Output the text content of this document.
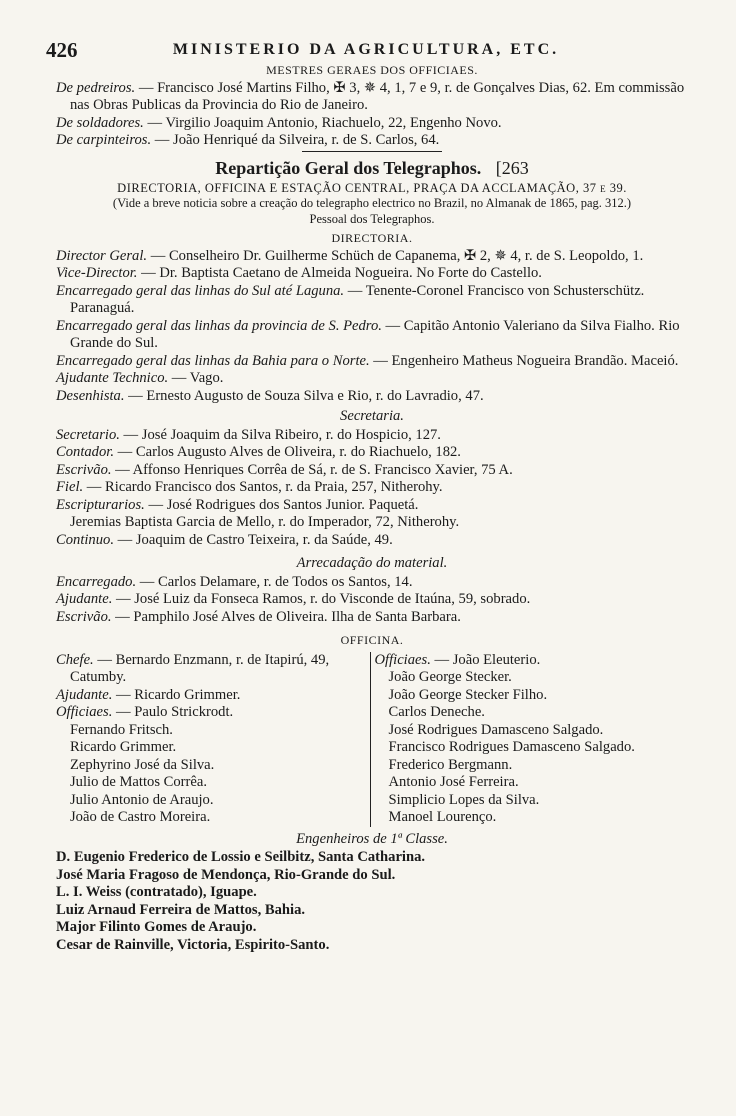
426	MINISTERIO DA AGRICULTURA, ETC.
MESTRES GERAES DOS OFFICIAES.
De pedreiros. — Francisco José Martins Filho, ✠ 3, ✵ 4, 1, 7 e 9, r. de Gonçalves Dias, 62. Em commissão nas Obras Publicas da Provincia do Rio de Janeiro.
De soldadores. — Virgilio Joaquim Antonio, Riachuelo, 22, Engenho Novo.
De carpinteiros. — João Henriqué da Silveira, r. de S. Carlos, 64.
Repartição Geral dos Telegraphos. [263
DIRECTORIA, OFFICINA E ESTAÇÃO CENTRAL, PRAÇA DA ACCLAMAÇÃO, 37 e 39.
(Vide a breve noticia sobre a creação do telegrapho electrico no Brazil, no Almanak de 1865, pag. 312.)
Pessoal dos Telegraphos.
DIRECTORIA.
Director Geral. — Conselheiro Dr. Guilherme Schüch de Capanema, ✠ 2, ✵ 4, r. de S. Leopoldo, 1.
Vice-Director. — Dr. Baptista Caetano de Almeida Nogueira. No Forte do Castello.
Encarregado geral das linhas do Sul até Laguna. — Tenente-Coronel Francisco von Schusterschütz. Paranaguá.
Encarregado geral das linhas da provincia de S. Pedro. — Capitão Antonio Valeriano da Silva Fialho. Rio Grande do Sul.
Encarregado geral das linhas da Bahia para o Norte. — Engenheiro Matheus Nogueira Brandão. Maceió.
Ajudante Technico. — Vago.
Desenhista. — Ernesto Augusto de Souza Silva e Rio, r. do Lavradio, 47.
Secretaria.
Secretario. — José Joaquim da Silva Ribeiro, r. do Hospicio, 127.
Contador. — Carlos Augusto Alves de Oliveira, r. do Riachuelo, 182.
Escrivão. — Affonso Henriques Corrêa de Sá, r. de S. Francisco Xavier, 75 A.
Fiel. — Ricardo Francisco dos Santos, r. da Praia, 257, Nitherohy.
Escripturarios. — José Rodrigues dos Santos Junior. Paquetá.
Jeremias Baptista Garcia de Mello, r. do Imperador, 72, Nitherohy.
Continuo. — Joaquim de Castro Teixeira, r. da Saúde, 49.
Arrecadação do material.
Encarregado. — Carlos Delamare, r. de Todos os Santos, 14.
Ajudante. — José Luiz da Fonseca Ramos, r. do Visconde de Itaúna, 59, sobrado.
Escrivão. — Pamphilo José Alves de Oliveira. Ilha de Santa Barbara.
OFFICINA.
Chefe. — Bernardo Enzmann, r. de Itapirú, 49, Catumby.
Ajudante. — Ricardo Grimmer.
Officiaes. — Paulo Strickrodt.
Fernando Fritsch.
Ricardo Grimmer.
Zephyrino José da Silva.
Julio de Mattos Corrêa.
Julio Antonio de Araujo.
João de Castro Moreira.
Officiaes. — João Eleuterio.
João George Stecker.
João George Stecker Filho.
Carlos Deneche.
José Rodrigues Damasceno Salgado.
Francisco Rodrigues Damasceno Salgado.
Frederico Bergmann.
Antonio José Ferreira.
Simplicio Lopes da Silva.
Manoel Lourenço.
Engenheiros de 1ª Classe.
D. Eugenio Frederico de Lossio e Seilbitz, Santa Catharina.
José Maria Fragoso de Mendonça, Rio-Grande do Sul.
L. I. Weiss (contratado), Iguape.
Luiz Arnaud Ferreira de Mattos, Bahia.
Major Filinto Gomes de Araujo.
Cesar de Rainville, Victoria, Espirito-Santo.
